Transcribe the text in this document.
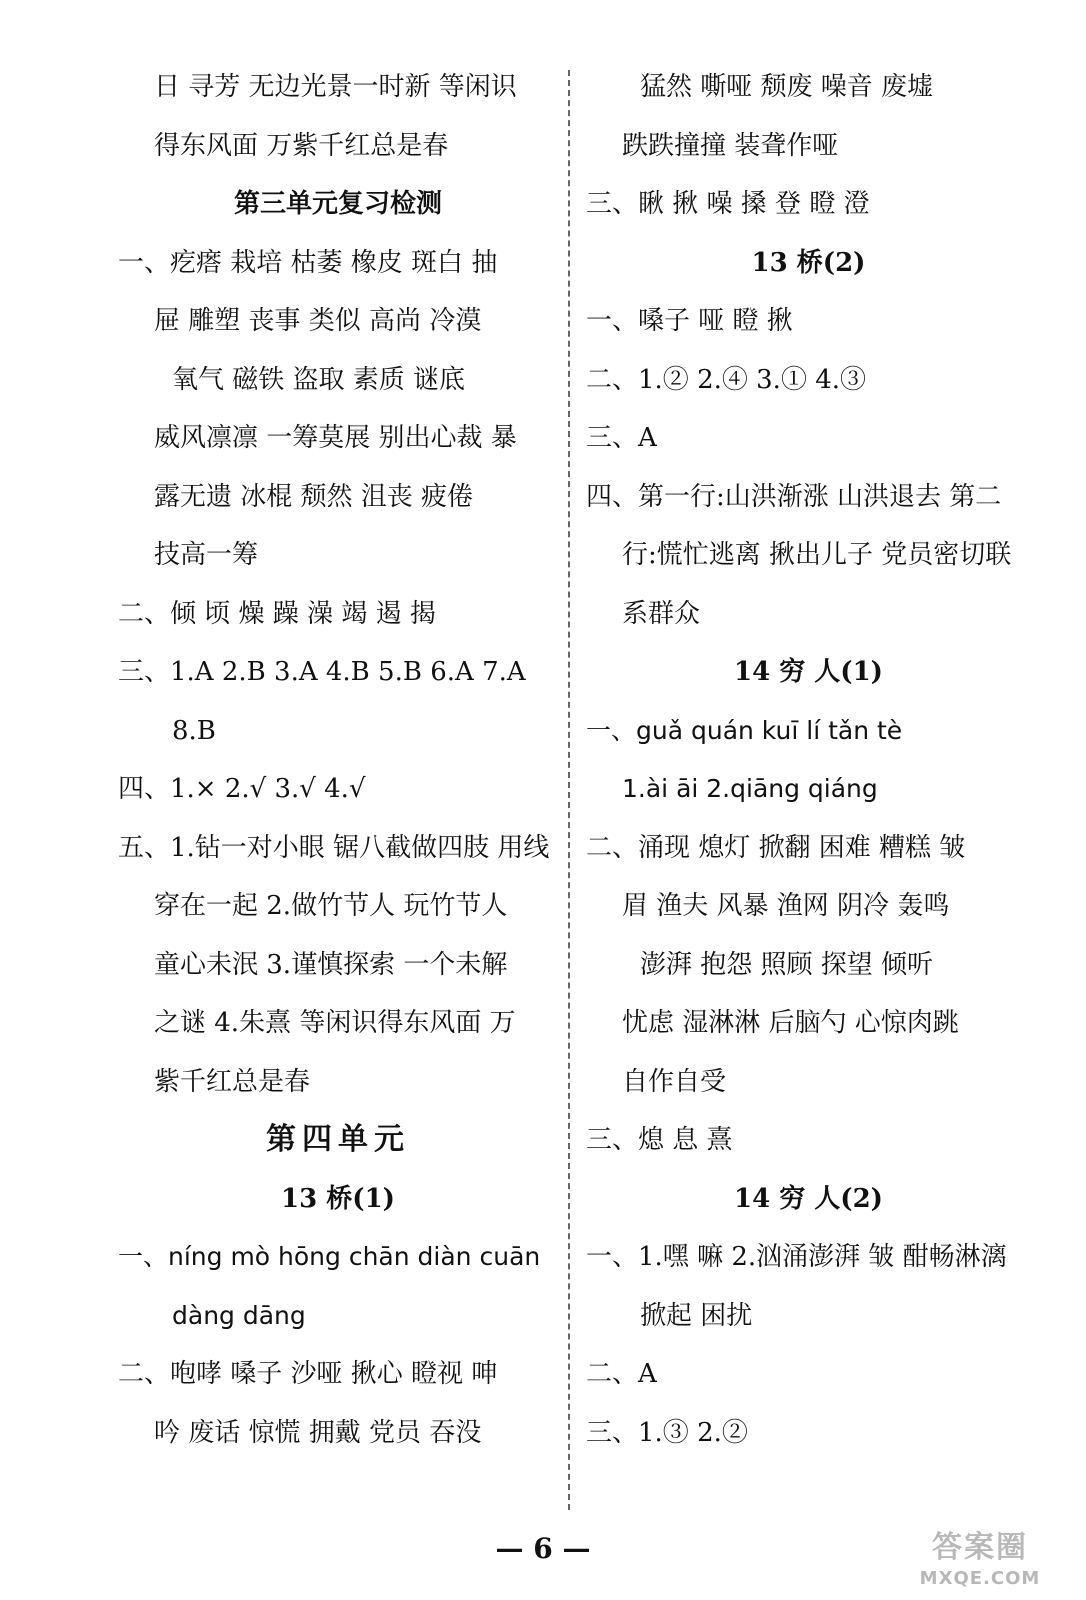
日 寻芳 无边光景一时新 等闲识
得东风面 万紫千红总是春
第三单元复习检测
一、疙瘩 栽培 枯萎 橡皮 斑白 抽
屉 雕塑 丧事 类似 高尚 冷漠
氧气 磁铁 盗取 素质 谜底
威风凛凛 一筹莫展 别出心裁 暴
露无遗 冰棍 颓然 沮丧 疲倦
技高一筹
二、倾 顷 燥 躁 澡 竭 遏 揭
三、1.A 2.B 3.A 4.B 5.B 6.A 7.A
8.B
四、1.× 2.√ 3.√ 4.√
五、1.钻一对小眼 锯八截做四肢 用线
穿在一起 2.做竹节人 玩竹节人
童心未泯 3.谨慎探索 一个未解
之谜 4.朱熹 等闲识得东风面 万
紫千红总是春
第四单元
13 桥(1)
一、níng mò hōng chān diàn cuān
dàng dāng
二、咆哮 嗓子 沙哑 揪心 瞪视 呻
吟 废话 惊慌 拥戴 党员 吞没
猛然 嘶哑 颓废 噪音 废墟
跌跌撞撞 装聋作哑
三、瞅 揪 噪 搡 登 瞪 澄
13 桥(2)
一、嗓子 哑 瞪 揪
二、1.② 2.④ 3.① 4.③
三、A
四、第一行:山洪渐涨 山洪退去 第二
行:慌忙逃离 揪出儿子 党员密切联
系群众
14 穷 人(1)
一、guǎ quán kuī lí tǎn tè
1.ài āi 2.qiāng qiáng
二、涌现 熄灯 掀翻 困难 糟糕 皱
眉 渔夫 风暴 渔网 阴冷 轰鸣
澎湃 抱怨 照顾 探望 倾听
忧虑 湿淋淋 后脑勺 心惊肉跳
自作自受
三、熄 息 熹
14 穷 人(2)
一、1.嘿 嘛 2.汹涌澎湃 皱 酣畅淋漓
掀起 困扰
二、A
三、1.③ 2.②
— 6 —	答案圈
MXQE.COM
